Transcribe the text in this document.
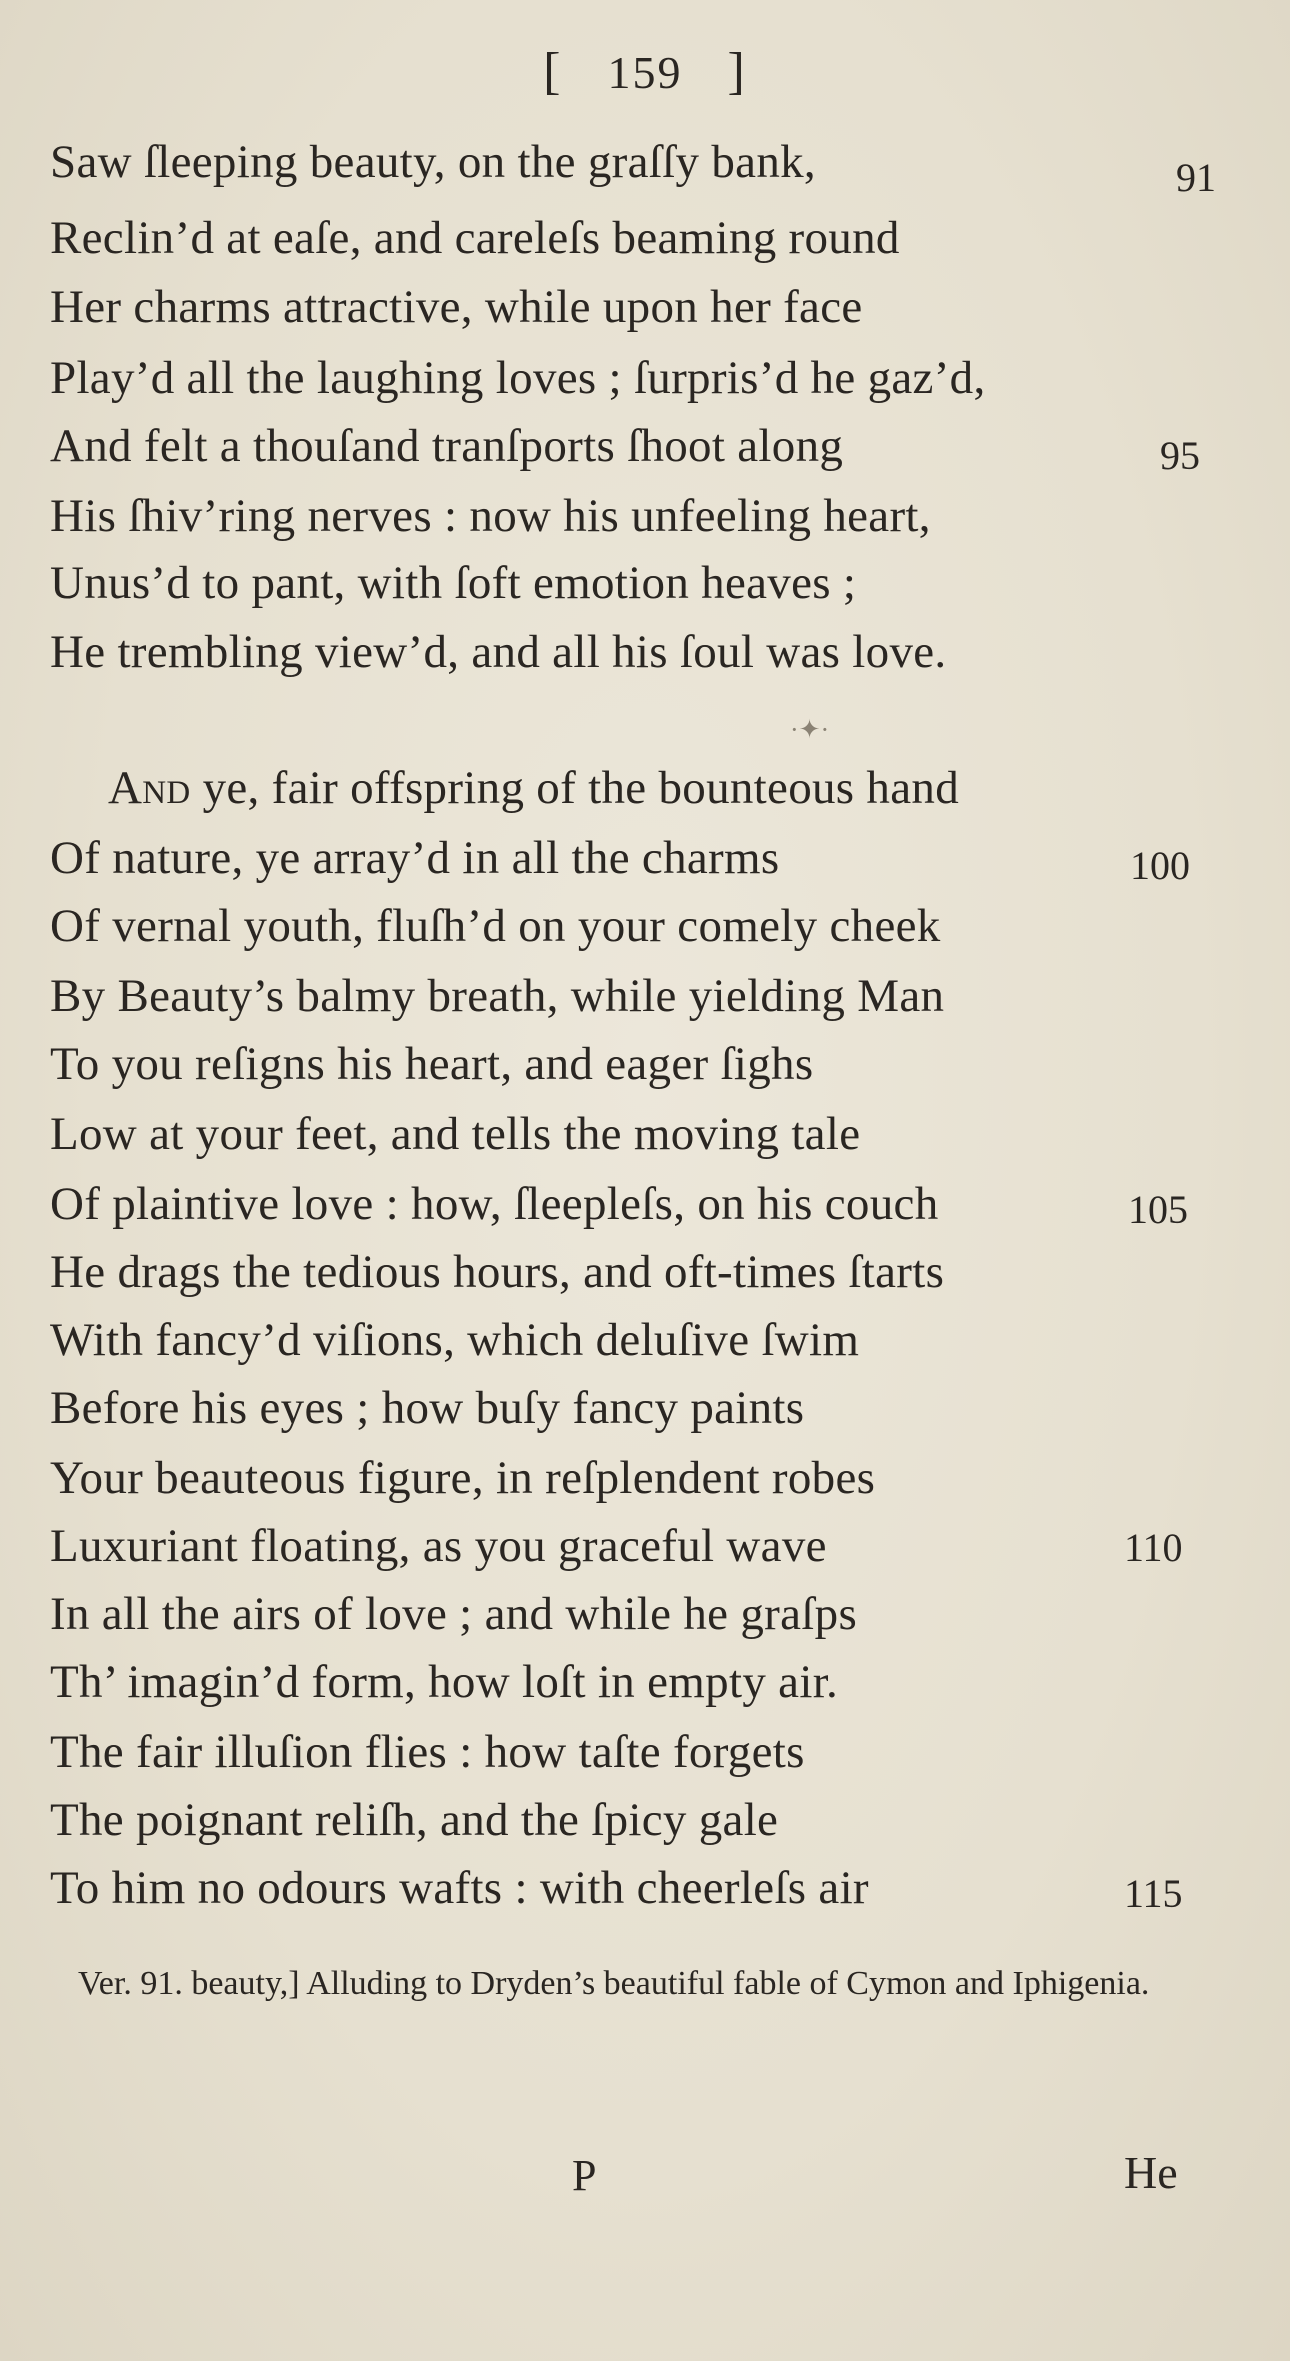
[ 159 ]
Saw ſleeping beauty, on the graſſy bank,
Reclin’d at eaſe, and careleſs beaming round
Her charms attractive, while upon her face
Play’d all the laughing loves ; ſurpris’d he gaz’d,
And felt a thouſand tranſports ſhoot along
His ſhiv’ring nerves : now his unfeeling heart,
Unus’d to pant, with ſoft emotion heaves ;
He trembling view’d, and all his ſoul was love.
91
95
·✦·
And ye, fair offspring of the bounteous hand
Of nature, ye array’d in all the charms
Of vernal youth, fluſh’d on your comely cheek
By Beauty’s balmy breath, while yielding Man
To you reſigns his heart, and eager ſighs
Low at your feet, and tells the moving tale
Of plaintive love : how, ſleepleſs, on his couch
He drags the tedious hours, and oft-times ſtarts
With fancy’d viſions, which deluſive ſwim
Before his eyes ; how buſy fancy paints
Your beauteous figure, in reſplendent robes
Luxuriant floating, as you graceful wave
In all the airs of love ; and while he graſps
Th’ imagin’d form, how loſt in empty air.
The fair illuſion flies : how taſte forgets
The poignant reliſh, and the ſpicy gale
To him no odours wafts : with cheerleſs air
100
105
110
115
Ver. 91. beauty,] Alluding to Dryden’s beautiful fable of Cymon and Iphigenia.
P	He
